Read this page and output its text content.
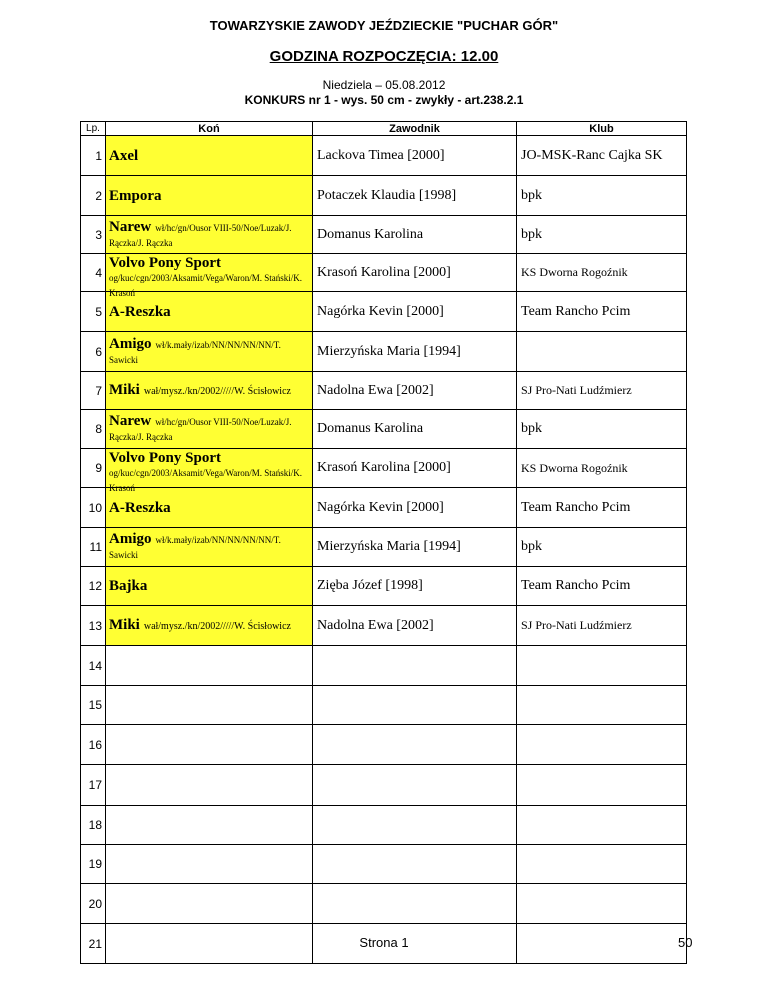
TOWARZYSKIE ZAWODY JEŹDZIECKIE "PUCHAR GÓR"
GODZINA ROZPOCZĘCIA: 12.00
Niedziela – 05.08.2012
KONKURS nr 1 - wys. 50 cm - zwykły - art.238.2.1
Lp.	Koń	Zawodnik	Klub
1	Axel	Lackova Timea [2000]	JO-MSK-Ranc Cajka SK
2	Empora	Potaczek Klaudia [1998]	bpk
3	Narew wł/hc/gn/Ousor VIII-50/Noe/Luzak/J. Rączka/J. Rączka	Domanus Karolina	bpk
4	Volvo Pony Sport og/kuc/cgn/2003/Aksamit/Vega/Waron/M. Stański/K. Krasoń	Krasoń Karolina [2000]	KS Dworna Rogoźnik
5	A-Reszka	Nagórka Kevin [2000]	Team Rancho Pcim
6	Amigo wł/k.mały/izab/NN/NN/NN/NN/T. Sawicki	Mierzyńska Maria [1994]	
7	Miki wał/mysz./kn/2002/////W. Ścisłowicz	Nadolna Ewa [2002]	SJ Pro-Nati Ludźmierz
8	Narew wł/hc/gn/Ousor VIII-50/Noe/Luzak/J. Rączka/J. Rączka	Domanus Karolina	bpk
9	Volvo Pony Sport og/kuc/cgn/2003/Aksamit/Vega/Waron/M. Stański/K. Krasoń	Krasoń Karolina [2000]	KS Dworna Rogoźnik
10	A-Reszka	Nagórka Kevin [2000]	Team Rancho Pcim
11	Amigo wł/k.mały/izab/NN/NN/NN/NN/T. Sawicki	Mierzyńska Maria [1994]	bpk
12	Bajka	Zięba Józef [1998]	Team Rancho Pcim
13	Miki wał/mysz./kn/2002/////W. Ścisłowicz	Nadolna Ewa [2002]	SJ Pro-Nati Ludźmierz
14			
15			
16			
17			
18			
19			
20			
21				Strona 1	50
